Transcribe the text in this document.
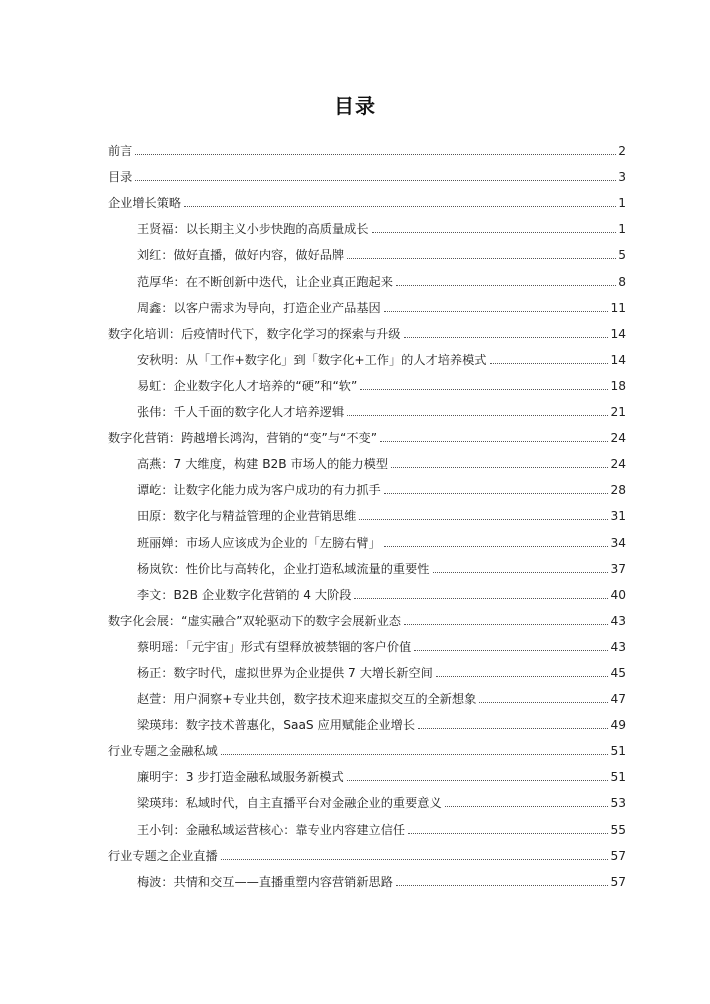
目录
前言	2
目录	3
企业增长策略	1
王贤福：以长期主义小步快跑的高质量成长	1
刘红：做好直播，做好内容，做好品牌	5
范厚华：在不断创新中迭代，让企业真正跑起来	8
周鑫：以客户需求为导向，打造企业产品基因	11
数字化培训：后疫情时代下，数字化学习的探索与升级	14
安秋明：从「工作+数字化」到「数字化+工作」的人才培养模式	14
易虹：企业数字化人才培养的“硬”和“软”	18
张伟：千人千面的数字化人才培养逻辑	21
数字化营销：跨越增长鸿沟，营销的“变”与“不变”	24
高燕：7 大维度，构建 B2B 市场人的能力模型	24
谭屹：让数字化能力成为客户成功的有力抓手	28
田原：数字化与精益管理的企业营销思维	31
班丽婵：市场人应该成为企业的「左膀右臂」	34
杨岚钦：性价比与高转化，企业打造私域流量的重要性	37
李文：B2B 企业数字化营销的 4 大阶段	40
数字化会展：“虚实融合”双轮驱动下的数字会展新业态	43
蔡明瑶：「元宇宙」形式有望释放被禁锢的客户价值	43
杨正：数字时代，虚拟世界为企业提供 7 大增长新空间	45
赵萱：用户洞察+专业共创，数字技术迎来虚拟交互的全新想象	47
梁瑛玮：数字技术普惠化，SaaS 应用赋能企业增长	49
行业专题之金融私域	51
廉明宇：3 步打造金融私域服务新模式	51
梁瑛玮：私域时代，自主直播平台对金融企业的重要意义	53
王小钊：金融私域运营核心：靠专业内容建立信任	55
行业专题之企业直播	57
梅波：共情和交互——直播重塑内容营销新思路	57
